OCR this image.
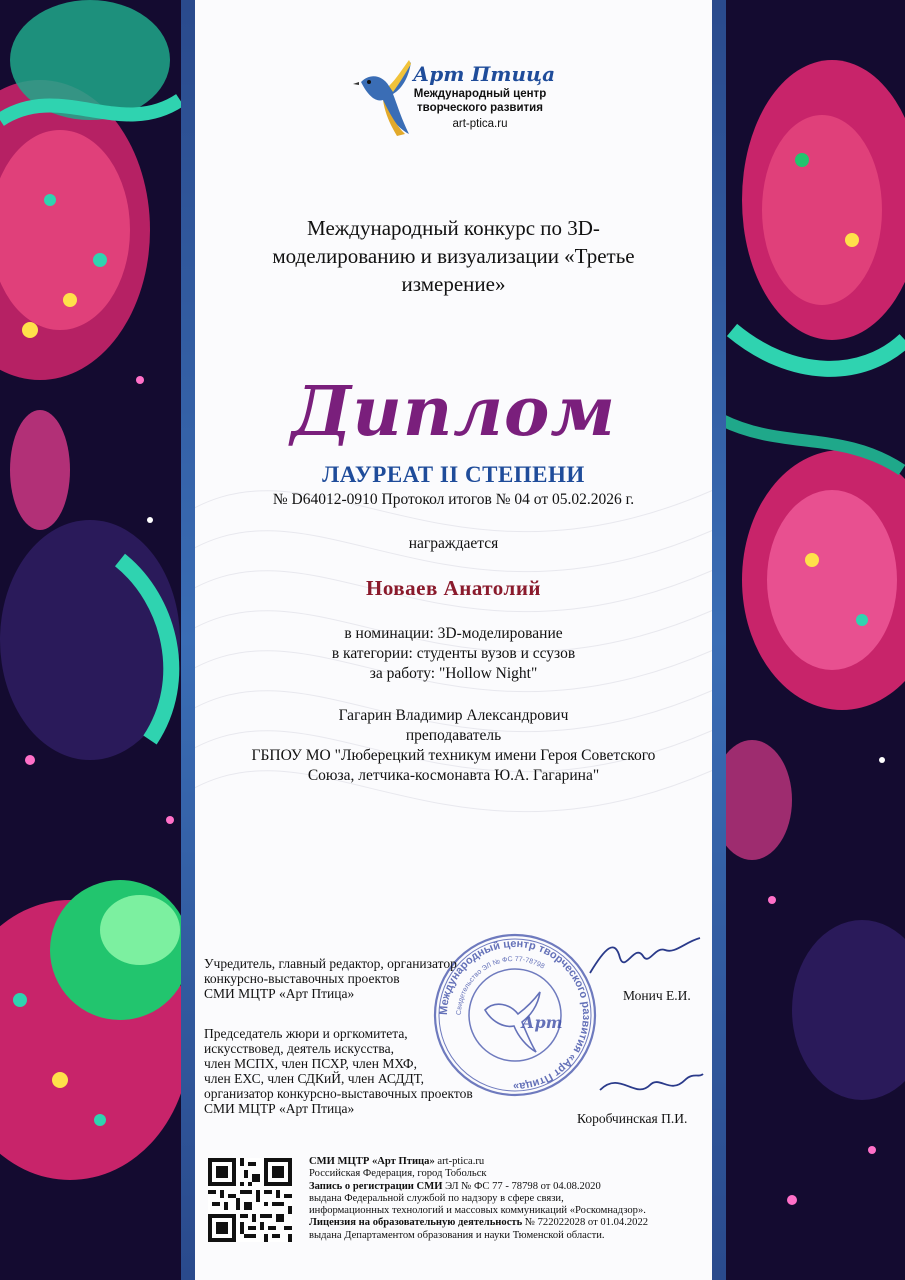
Арт Птица
Международный центр
творческого развития
art-ptica.ru
Международный конкурс по 3D-
моделированию и визуализации «Третье
измерение»
Диплом
ЛАУРЕАТ II СТЕПЕНИ
№ D64012-0910 Протокол итогов № 04 от 05.02.2026 г.
награждается
Новаев Анатолий
в номинации: 3D-моделирование
в категории: студенты вузов и ссузов
за работу: "Hollow Night"
Гагарин Владимир Александрович
преподаватель
ГБПОУ МО "Люберецкий техникум имени Героя Советского
Союза, летчика-космонавта Ю.А. Гагарина"
Международный центр творческого развития «Арт Птица»
Свидетельство ЭЛ № ФС 77-78798
Арт
Учредитель, главный редактор, организатор
конкурсно-выставочных проектов
СМИ МЦТР «Арт Птица»	Монич Е.И.
Председатель жюри и оргкомитета,
искусствовед, деятель искусства,
член МСПХ, член ПСХР, член МХФ,
член ЕХС, член СДКиЙ, член АСДДТ,
организатор конкурсно-выставочных проектов
СМИ МЦТР «Арт Птица»
Коробчинская П.И.
СМИ МЦТР «Арт Птица» art-ptica.ru
Российская Федерация, город Тобольск
Запись о регистрации СМИ ЭЛ № ФС 77 - 78798 от 04.08.2020
выдана Федеральной службой по надзору в сфере связи,
информационных технологий и массовых коммуникаций «Роскомнадзор».
Лицензия на образовательную деятельность № 722022028 от 01.04.2022
выдана Департаментом образования и науки Тюменской области.
